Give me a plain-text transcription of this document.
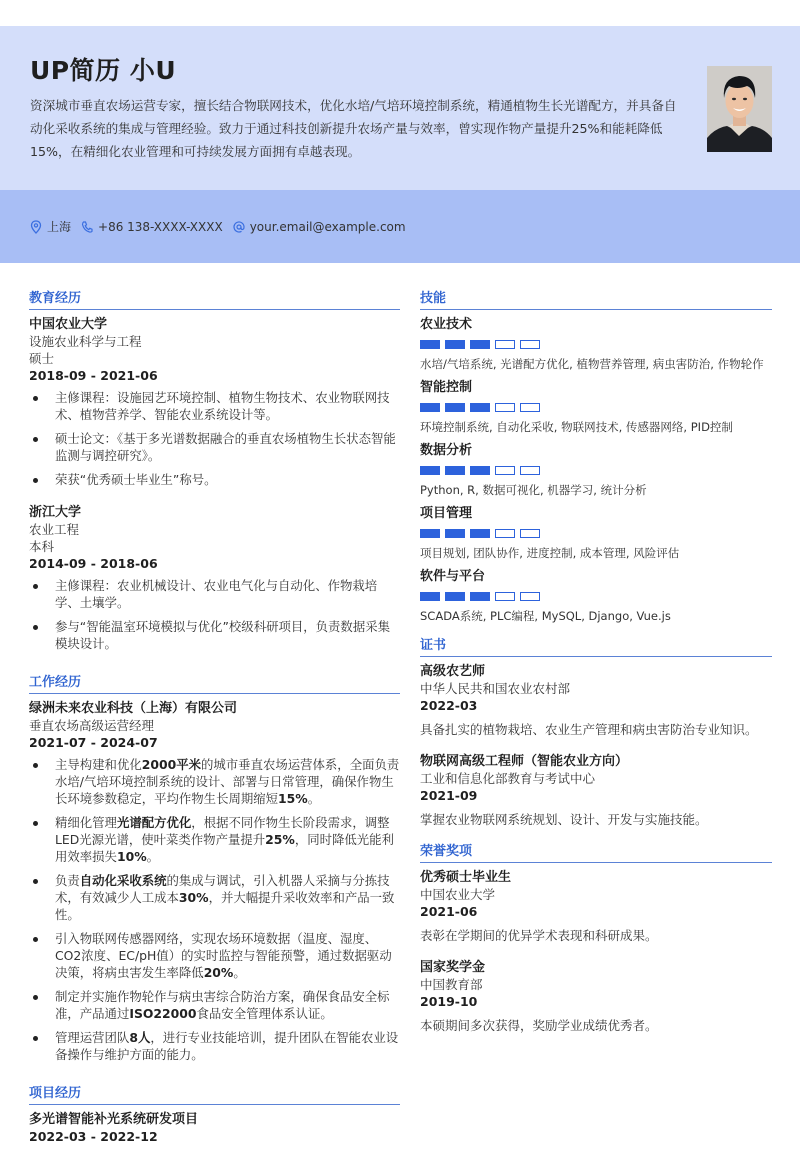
UP简历 小U

资深城市垂直农场运营专家，擅长结合物联网技术，优化水培/气培环境控制系统，精通植物生长光谱配方，并具备自动化采收系统的集成与管理经验。致力于通过科技创新提升农场产量与效率，曾实现作物产量提升25%和能耗降低15%，在精细化农业管理和可持续发展方面拥有卓越表现。

上海 +86 138-XXXX-XXXX your.email@example.com
教育经历
中国农业大学
设施农业科学与工程
硕士
2018-09 - 2021-06
主修课程：设施园艺环境控制、植物生物技术、农业物联网技术、植物营养学、智能农业系统设计等。
硕士论文：《基于多光谱数据融合的垂直农场植物生长状态智能监测与调控研究》。
荣获“优秀硕士毕业生”称号。
浙江大学
农业工程
本科
2014-09 - 2018-06
主修课程：农业机械设计、农业电气化与自动化、作物栽培学、土壤学。
参与“智能温室环境模拟与优化”校级科研项目，负责数据采集模块设计。
工作经历
绿洲未来农业科技（上海）有限公司
垂直农场高级运营经理
2021-07 - 2024-07
主导构建和优化2000平米的城市垂直农场运营体系，全面负责水培/气培环境控制系统的设计、部署与日常管理，确保作物生长环境参数稳定，平均作物生长周期缩短15%。
精细化管理光谱配方优化，根据不同作物生长阶段需求，调整LED光源光谱，使叶菜类作物产量提升25%，同时降低光能利用效率损失10%。
负责自动化采收系统的集成与调试，引入机器人采摘与分拣技术，有效减少人工成本30%，并大幅提升采收效率和产品一致性。
引入物联网传感器网络，实现农场环境数据（温度、湿度、CO2浓度、EC/pH值）的实时监控与智能预警，通过数据驱动决策，将病虫害发生率降低20%。
制定并实施作物轮作与病虫害综合防治方案，确保食品安全标准，产品通过ISO22000食品安全管理体系认证。
管理运营团队8人，进行专业技能培训，提升团队在智能农业设备操作与维护方面的能力。
项目经历
多光谱智能补光系统研发项目
2022-03 - 2022-12
技能
农业技术
水培/气培系统, 光谱配方优化, 植物营养管理, 病虫害防治, 作物轮作
智能控制
环境控制系统, 自动化采收, 物联网技术, 传感器网络, PID控制
数据分析
Python, R, 数据可视化, 机器学习, 统计分析
项目管理
项目规划, 团队协作, 进度控制, 成本管理, 风险评估
软件与平台
SCADA系统, PLC编程, MySQL, Django, Vue.js
证书
高级农艺师
中华人民共和国农业农村部
2022-03
具备扎实的植物栽培、农业生产管理和病虫害防治专业知识。
物联网高级工程师（智能农业方向）
工业和信息化部教育与考试中心
2021-09
掌握农业物联网系统规划、设计、开发与实施技能。
荣誉奖项
优秀硕士毕业生
中国农业大学
2021-06
表彰在学期间的优异学术表现和科研成果。
国家奖学金
中国教育部
2019-10
本硕期间多次获得，奖励学业成绩优秀者。
